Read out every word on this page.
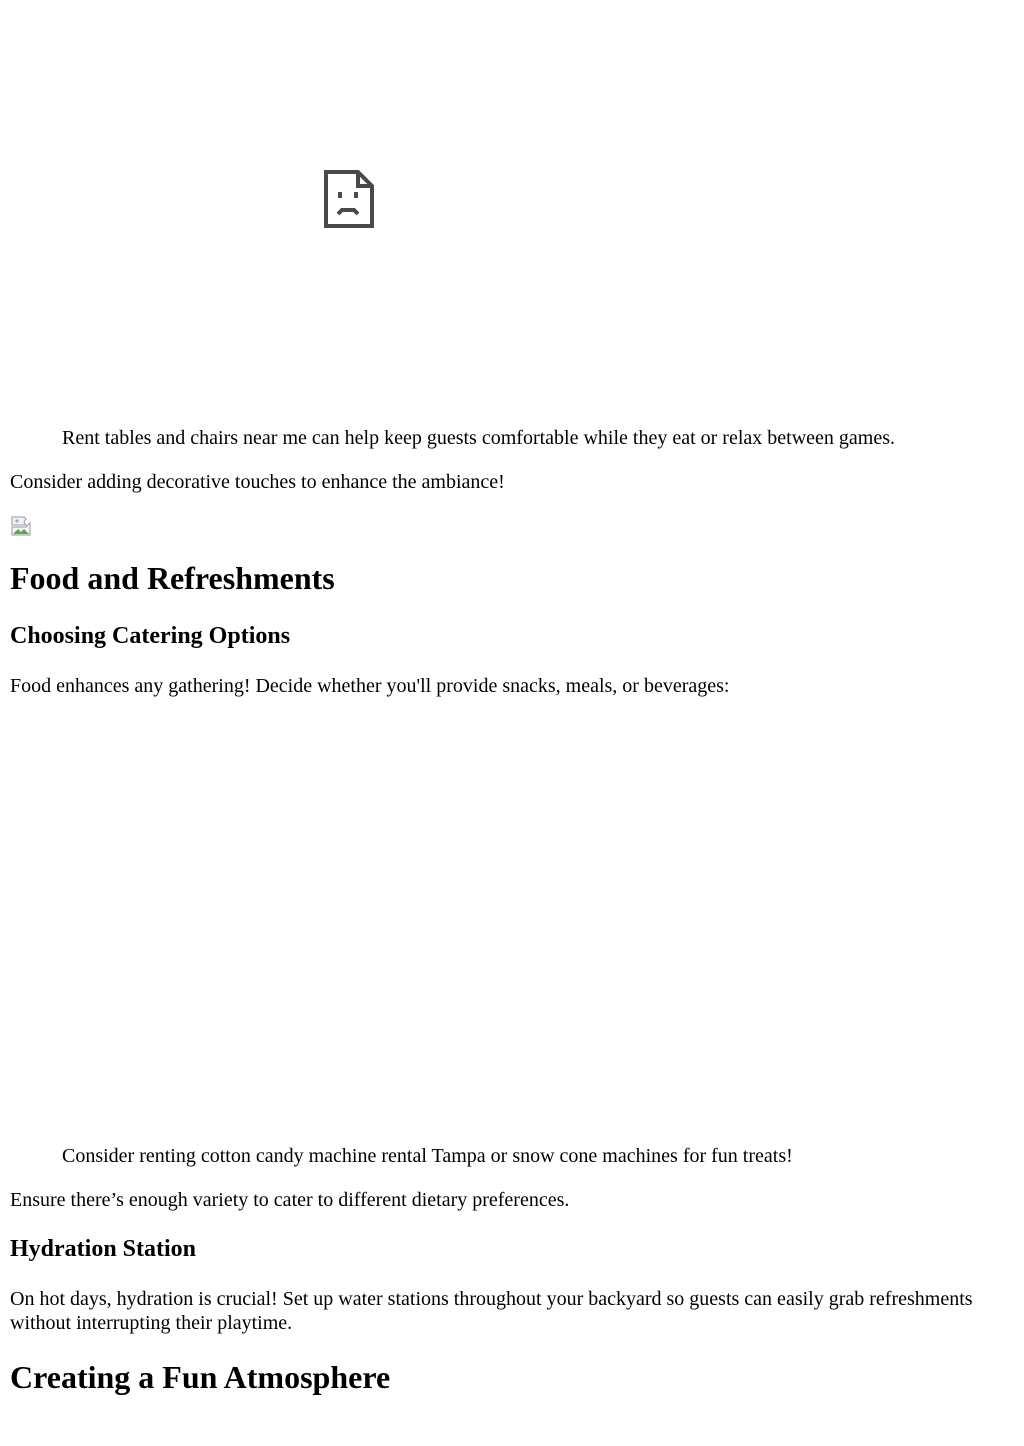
Rent tables and chairs near me can help keep guests comfortable while they eat or relax between games.

Consider adding decorative touches to enhance the ambiance!

Food and Refreshments
Choosing Catering Options

Food enhances any gathering! Decide whether you'll provide snacks, meals, or beverages:

Consider renting cotton candy machine rental Tampa or snow cone machines for fun treats!

Ensure there’s enough variety to cater to different dietary preferences.

Hydration Station

On hot days, hydration is crucial! Set up water stations throughout your backyard so guests can easily grab refreshments without interrupting their playtime.

Creating a Fun Atmosphere
